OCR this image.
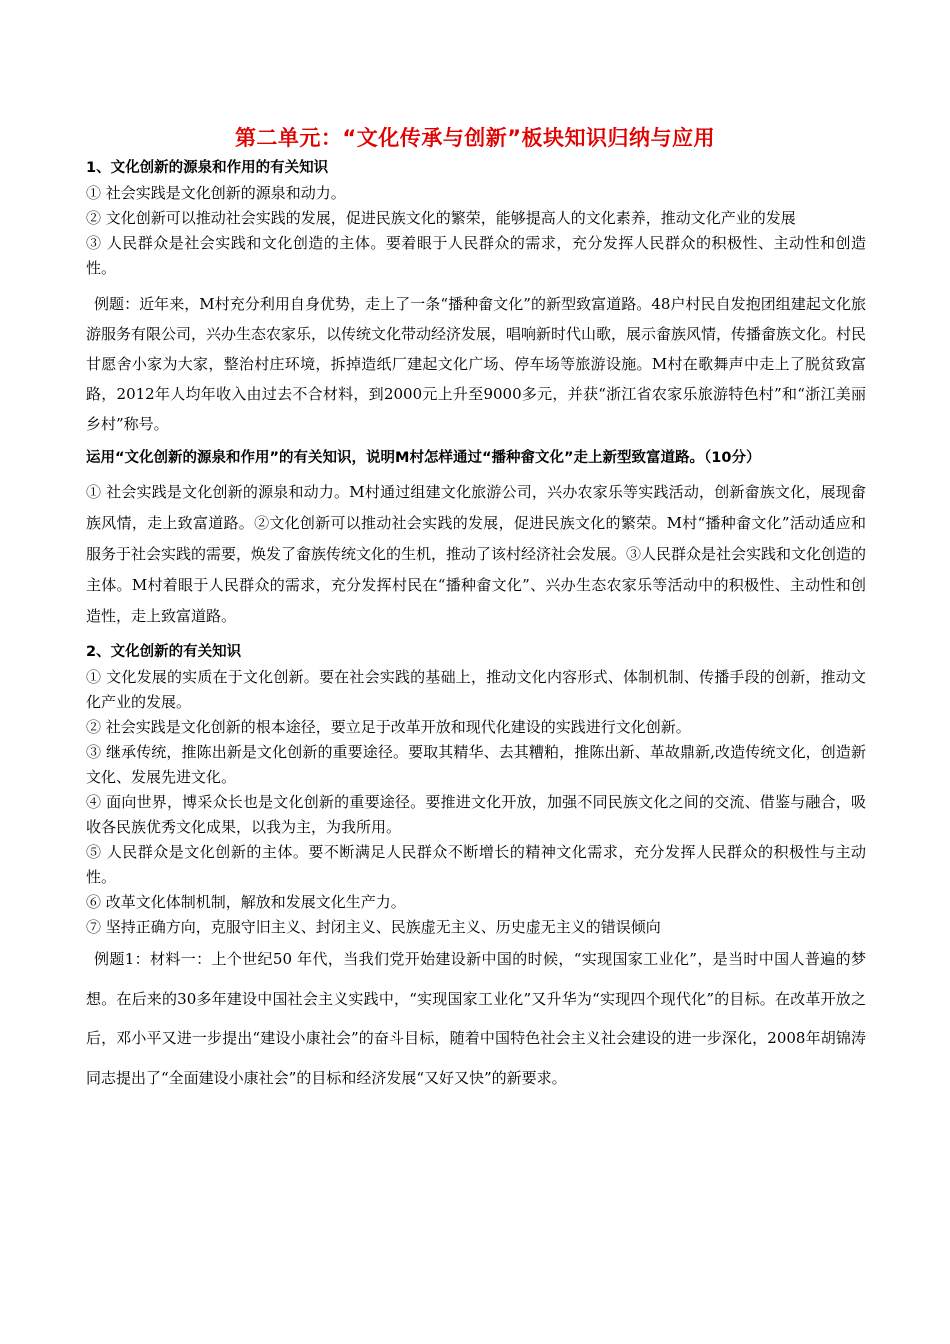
第二单元：“文化传承与创新”板块知识归纳与应用

1、文化创新的源泉和作用的有关知识

① 社会实践是文化创新的源泉和动力。

② 文化创新可以推动社会实践的发展，促进民族文化的繁荣，能够提高人的文化素养，推动文化产业的发展

③ 人民群众是社会实践和文化创造的主体。要着眼于人民群众的需求，充分发挥人民群众的积极性、主动性和创造性。

例题：近年来，M村充分利用自身优势，走上了一条“播种畲文化”的新型致富道路。48户村民自发抱团组建起文化旅游服务有限公司，兴办生态农家乐，以传统文化带动经济发展，唱响新时代山歌，展示畲族风情，传播畲族文化。村民甘愿舍小家为大家，整治村庄环境，拆掉造纸厂建起文化广场、停车场等旅游设施。M村在歌舞声中走上了脱贫致富路，2012年人均年收入由过去不合材料，到2000元上升至9000多元，并获“浙江省农家乐旅游特色村”和“浙江美丽乡村”称号。

运用“文化创新的源泉和作用”的有关知识，说明M村怎样通过“播种畲文化”走上新型致富道路。（10分）

① 社会实践是文化创新的源泉和动力。M村通过组建文化旅游公司，兴办农家乐等实践活动，创新畲族文化，展现畲族风情，走上致富道路。②文化创新可以推动社会实践的发展，促进民族文化的繁荣。M村“播种畲文化”活动适应和服务于社会实践的需要，焕发了畲族传统文化的生机，推动了该村经济社会发展。③人民群众是社会实践和文化创造的主体。M村着眼于人民群众的需求，充分发挥村民在“播种畲文化”、兴办生态农家乐等活动中的积极性、主动性和创造性，走上致富道路。

2、文化创新的有关知识

① 文化发展的实质在于文化创新。要在社会实践的基础上，推动文化内容形式、体制机制、传播手段的创新，推动文化产业的发展。

② 社会实践是文化创新的根本途径，要立足于改革开放和现代化建设的实践进行文化创新。

③ 继承传统，推陈出新是文化创新的重要途径。要取其精华、去其糟粕，推陈出新、革故鼎新,改造传统文化，创造新文化、发展先进文化。

④ 面向世界，博采众长也是文化创新的重要途径。要推进文化开放，加强不同民族文化之间的交流、借鉴与融合，吸收各民族优秀文化成果，以我为主，为我所用。

⑤ 人民群众是文化创新的主体。要不断满足人民群众不断增长的精神文化需求，充分发挥人民群众的积极性与主动性。

⑥ 改革文化体制机制，解放和发展文化生产力。

⑦ 坚持正确方向，克服守旧主义、封闭主义、民族虚无主义、历史虚无主义的错误倾向

例题1：材料一：上个世纪50 年代，当我们党开始建设新中国的时候，“实现国家工业化”，是当时中国人普遍的梦想。在后来的30多年建设中国社会主义实践中，“实现国家工业化”又升华为“实现四个现代化”的目标。在改革开放之后，邓小平又进一步提出“建设小康社会”的奋斗目标，随着中国特色社会主义社会建设的进一步深化，2008年胡锦涛同志提出了“全面建设小康社会”的目标和经济发展“又好又快”的新要求。
